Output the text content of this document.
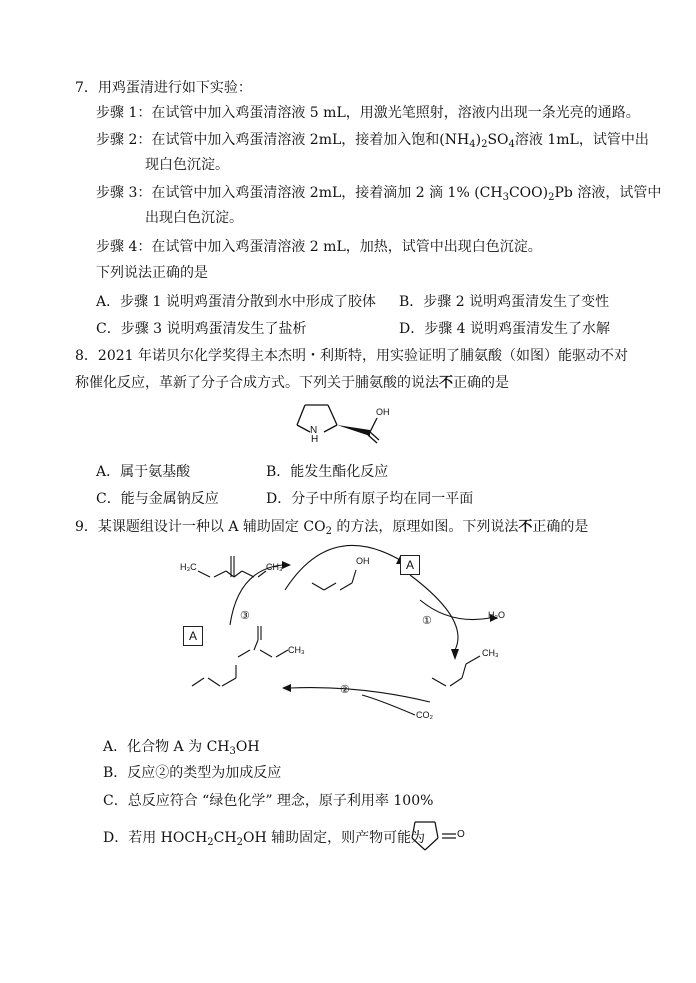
7．用鸡蛋清进行如下实验：
步骤 1：在试管中加入鸡蛋清溶液 5 mL，用激光笔照射，溶液内出现一条光亮的通路。
步骤 2：在试管中加入鸡蛋清溶液 2mL，接着加入饱和$(NH_4)_2SO_4$溶液 1mL，试管中出
现白色沉淀。
步骤 3：在试管中加入鸡蛋清溶液 2mL，接着滴加 2 滴 1% $(CH_3COO)_2Pb$ 溶液，试管中
出现白色沉淀。
步骤 4：在试管中加入鸡蛋清溶液 2 mL，加热，试管中出现白色沉淀。
下列说法正确的是
A．步骤 1 说明鸡蛋清分散到水中形成了胶体 B．步骤 2 说明鸡蛋清发生了变性
C．步骤 3 说明鸡蛋清发生了盐析	D．步骤 4 说明鸡蛋清发生了水解
8．2021 年诺贝尔化学奖得主本杰明・利斯特，用实验证明了脯氨酸（如图）能驱动不对
称催化反应，革新了分子合成方式。下列关于脯氨酸的说法不正确的是
N
H
OH
A．属于氨基酸	B．能发生酯化反应
C．能与金属钠反应	D．分子中所有原子均在同一平面
9．某课题组设计一种以 A 辅助固定 $CO_2$ 的方法，原理如图。下列说法不正确的是
A
A
H₃C	CH₃
OH
H₂O
CH₃	CH₃
CO₂
①
②
③
A．化合物 A 为 $CH_3OH$
B．反应②的类型为加成反应
C．总反应符合 “绿色化学” 理念，原子利用率 100%
D．若用 $HOCH_2CH_2OH$ 辅助固定，则产物可能为	O
